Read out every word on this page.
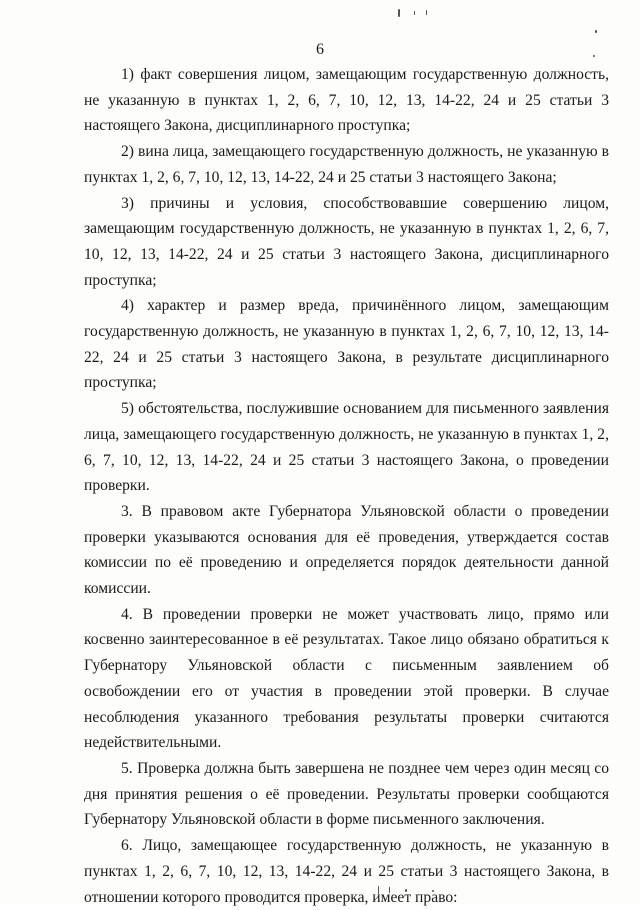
6

1) факт совершения лицом, замещающим государственную должность, не указанную в пунктах 1, 2, 6, 7, 10, 12, 13, 14-22, 24 и 25 статьи 3 настоящего Закона, дисциплинарного проступка;

2) вина лица, замещающего государственную должность, не указанную в пунктах 1, 2, 6, 7, 10, 12, 13, 14-22, 24 и 25 статьи 3 настоящего Закона;

3) причины и условия, способствовавшие совершению лицом, замещающим государственную должность, не указанную в пунктах 1, 2, 6, 7, 10, 12, 13, 14-22, 24 и 25 статьи 3 настоящего Закона, дисциплинарного проступка;

4) характер и размер вреда, причинённого лицом, замещающим государственную должность, не указанную в пунктах 1, 2, 6, 7, 10, 12, 13, 14-22, 24 и 25 статьи 3 настоящего Закона, в результате дисциплинарного проступка;

5) обстоятельства, послужившие основанием для письменного заявления лица, замещающего государственную должность, не указанную в пунктах 1, 2, 6, 7, 10, 12, 13, 14-22, 24 и 25 статьи 3 настоящего Закона, о проведении проверки.

3. В правовом акте Губернатора Ульяновской области о проведении проверки указываются основания для её проведения, утверждается состав комиссии по её проведению и определяется порядок деятельности данной комиссии.

4. В проведении проверки не может участвовать лицо, прямо или косвенно заинтересованное в её результатах. Такое лицо обязано обратиться к Губернатору Ульяновской области с письменным заявлением об освобождении его от участия в проведении этой проверки. В случае несоблюдения указанного требования результаты проверки считаются недействительными.

5. Проверка должна быть завершена не позднее чем через один месяц со дня принятия решения о её проведении. Результаты проверки сообщаются Губернатору Ульяновской области в форме письменного заключения.

6. Лицо, замещающее государственную должность, не указанную в пунктах 1, 2, 6, 7, 10, 12, 13, 14-22, 24 и 25 статьи 3 настоящего Закона, в отношении которого проводится проверка, имеет право:
